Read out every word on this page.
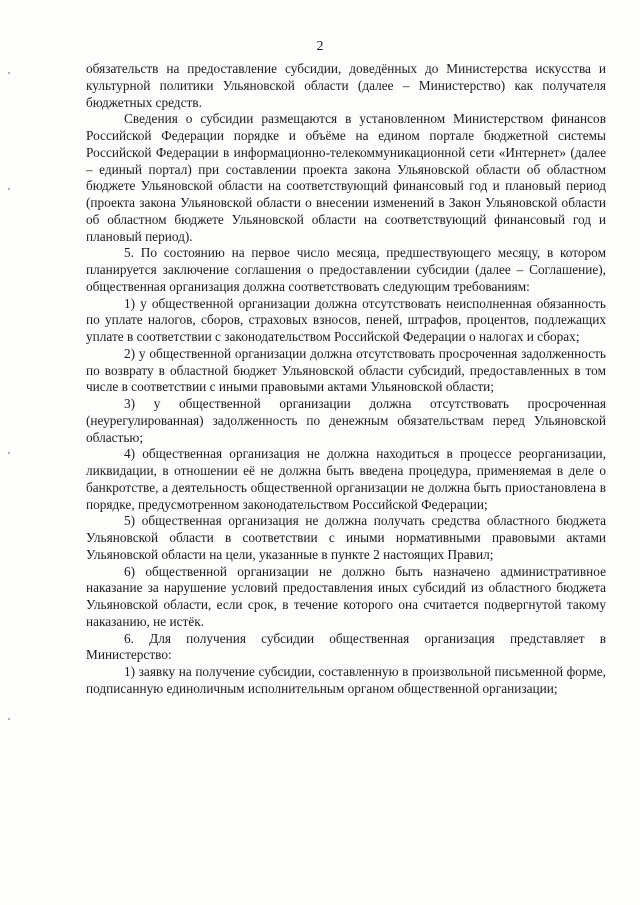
2

обязательств на предоставление субсидии, доведённых до Министерства искусства и культурной политики Ульяновской области (далее – Министерство) как получателя бюджетных средств.

Сведения о субсидии размещаются в установленном Министерством финансов Российской Федерации порядке и объёме на едином портале бюджетной системы Российской Федерации в информационно-телекоммуникационной сети «Интернет» (далее – единый портал) при составлении проекта закона Ульяновской области об областном бюджете Ульяновской области на соответствующий финансовый год и плановый период (проекта закона Ульяновской области о внесении изменений в Закон Ульяновской области об областном бюджете Ульяновской области на соответствующий финансовый год и плановый период).

5. По состоянию на первое число месяца, предшествующего месяцу, в котором планируется заключение соглашения о предоставлении субсидии (далее – Соглашение), общественная организация должна соответствовать следующим требованиям:

1) у общественной организации должна отсутствовать неисполненная обязанность по уплате налогов, сборов, страховых взносов, пеней, штрафов, процентов, подлежащих уплате в соответствии с законодательством Российской Федерации о налогах и сборах;

2) у общественной организации должна отсутствовать просроченная задолженность по возврату в областной бюджет Ульяновской области субсидий, предоставленных в том числе в соответствии с иными правовыми актами Ульяновской области;

3) у общественной организации должна отсутствовать просроченная (неурегулированная) задолженность по денежным обязательствам перед Ульяновской областью;

4) общественная организация не должна находиться в процессе реорганизации, ликвидации, в отношении её не должна быть введена процедура, применяемая в деле о банкротстве, а деятельность общественной организации не должна быть приостановлена в порядке, предусмотренном законодательством Российской Федерации;

5) общественная организация не должна получать средства областного бюджета Ульяновской области в соответствии с иными нормативными правовыми актами Ульяновской области на цели, указанные в пункте 2 настоящих Правил;

6) общественной организации не должно быть назначено административное наказание за нарушение условий предоставления иных субсидий из областного бюджета Ульяновской области, если срок, в течение которого она считается подвергнутой такому наказанию, не истёк.

6. Для получения субсидии общественная организация представляет в Министерство:

1) заявку на получение субсидии, составленную в произвольной письменной форме, подписанную единоличным исполнительным органом общественной организации;
